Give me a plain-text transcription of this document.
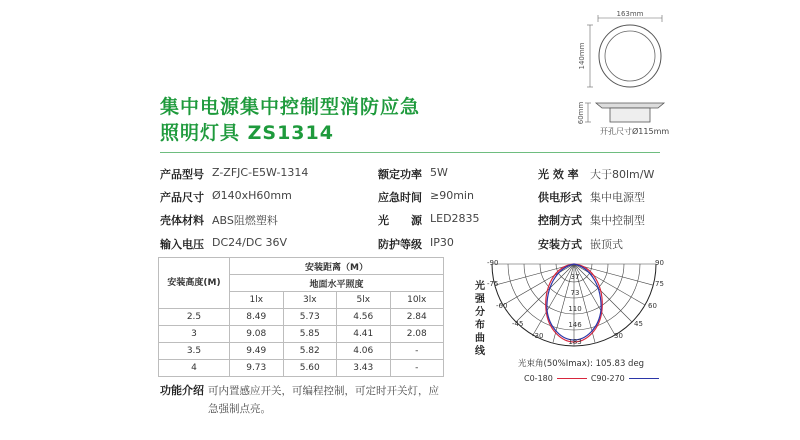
集中电源集中控制型消防应急
照明灯具 ZS1314
163mm
140mm
60mm
开孔尺寸Ø115mm
产品型号 Z-ZFJC-E5W-1314	额定功率 5W	光 效 率	大于80lm/W
产品尺寸 Ø140xH60mm	应急时间 ≥90min	供电形式 集中电源型
壳体材料 ABS阻燃塑料	光　　源 LED2835	控制方式 集中控制型
输入电压 DC24/DC 36V	防护等级 IP30	安装方式 嵌顶式
安装高度(M)	安装距离（M）			
	地面水平照度			
	1lx	3lx	5lx	10lx
2.5	8.49	5.73	4.56	2.84
3	9.08	5.85	4.41	2.08
3.5	9.49	5.82	4.06	-
4	9.73	5.60	3.43	-
功能介绍 可内置感应开关，可编程控制，可定时开关灯，应急强制点亮。
光强分布曲线
37
73
110
146
183
-90
-75
-60
-45
-30
90
75
60
45
30
光束角(50%Imax): 105.83 deg
C0-180	C90-270
